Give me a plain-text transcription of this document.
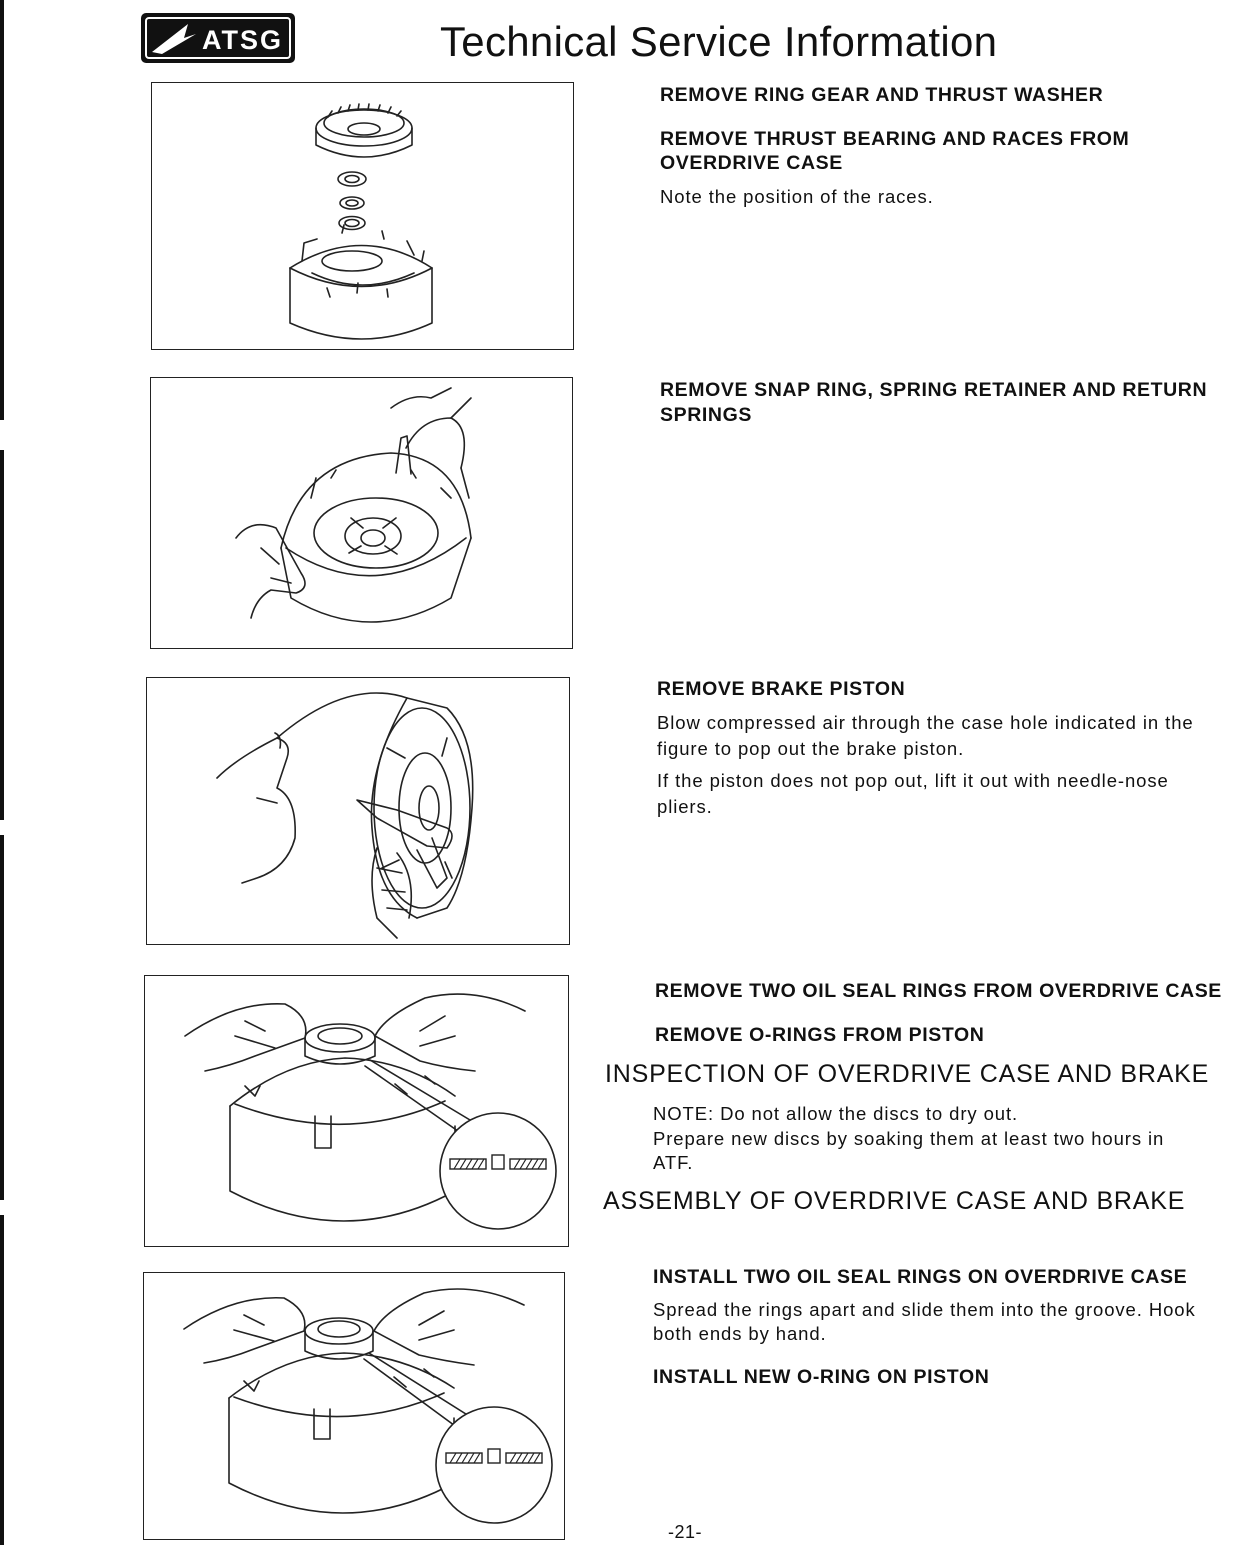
ATSG	Technical Service Information
REMOVE RING GEAR AND THRUST WASHER
REMOVE THRUST BEARING AND RACES FROM
OVERDRIVE CASE
Note the position of the races.
REMOVE SNAP RING, SPRING RETAINER AND RETURN
SPRINGS
REMOVE BRAKE PISTON
Blow compressed air through the case hole indicated in the
figure to pop out the brake piston.
If the piston does not pop out, lift it out with needle-nose
pliers.
REMOVE TWO OIL SEAL RINGS FROM OVERDRIVE CASE
REMOVE O-RINGS FROM PISTON
INSPECTION OF OVERDRIVE CASE AND BRAKE
NOTE: Do not allow the discs to dry out.
Prepare new discs by soaking them at least two hours in
ATF.
ASSEMBLY OF OVERDRIVE CASE AND BRAKE
INSTALL TWO OIL SEAL RINGS ON OVERDRIVE CASE
Spread the rings apart and slide them into the groove. Hook
both ends by hand.
INSTALL NEW O-RING ON PISTON
-21-
